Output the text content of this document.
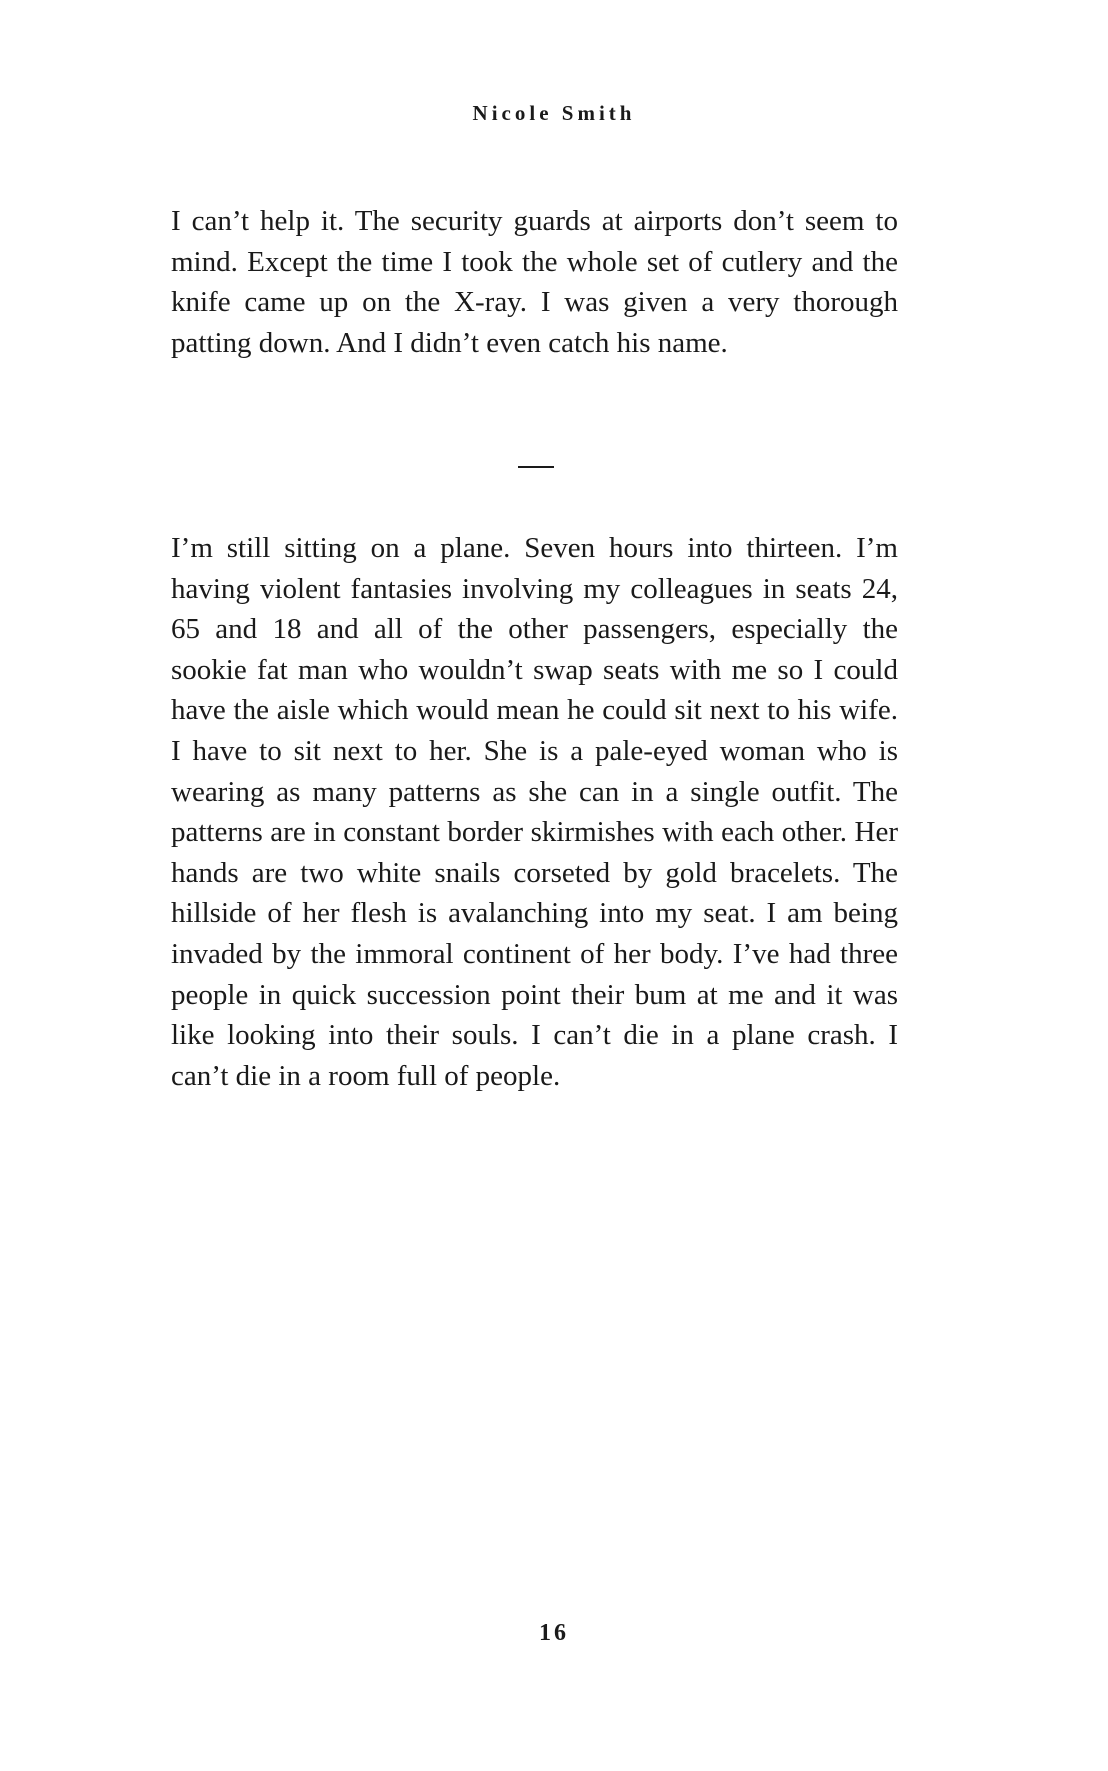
Nicole Smith

I can’t help it. The security guards at airports don’t seem to mind. Except the time I took the whole set of cutlery and the knife came up on the X-ray. I was given a very thorough patting down. And I didn’t even catch his name.

I’m still sitting on a plane. Seven hours into thirteen. I’m having violent fantasies involving my colleagues in seats 24, 65 and 18 and all of the other passengers, especially the sookie fat man who wouldn’t swap seats with me so I could have the aisle which would mean he could sit next to his wife. I have to sit next to her. She is a pale-eyed woman who is wearing as many patterns as she can in a single outfit. The patterns are in constant border skirmishes with each other. Her hands are two white snails corseted by gold bracelets. The hillside of her flesh is avalanching into my seat. I am being invaded by the immoral continent of her body. I’ve had three people in quick succession point their bum at me and it was like looking into their souls. I can’t die in a plane crash. I can’t die in a room full of people.

16
